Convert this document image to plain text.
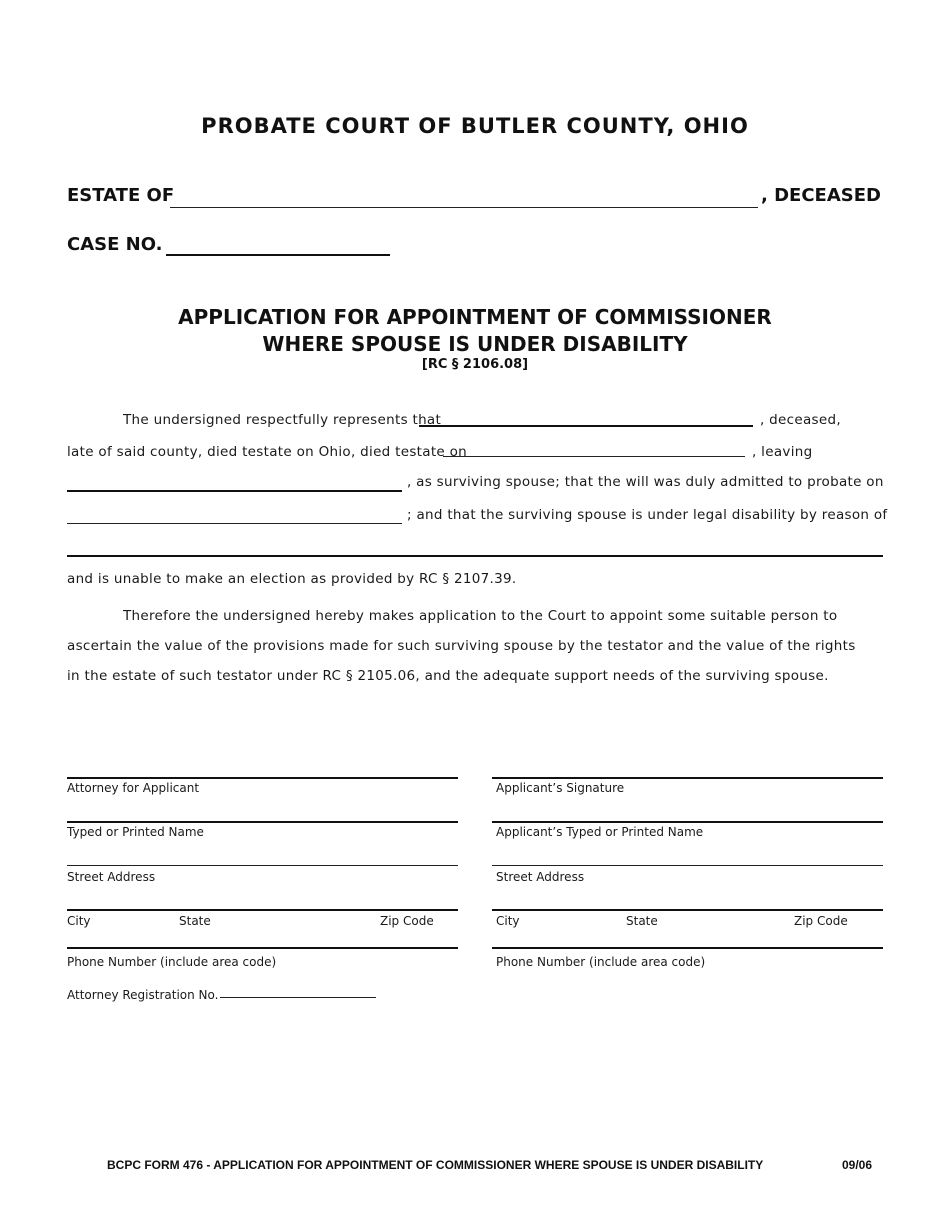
PROBATE COURT OF BUTLER COUNTY, OHIO
ESTATE OF	, DECEASED
CASE NO.
APPLICATION FOR APPOINTMENT OF COMMISSIONER
WHERE SPOUSE IS UNDER DISABILITY
[RC § 2106.08]
The undersigned respectfully represents that	, deceased,
late of said county, died testate on Ohio, died testate on	, leaving
, as surviving spouse; that the will was duly admitted to probate on
; and that the surviving spouse is under legal disability by reason of
and is unable to make an election as provided by RC § 2107.39.
Therefore the undersigned hereby makes application to the Court to appoint some suitable person to
ascertain the value of the provisions made for such surviving spouse by the testator and the value of the rights
in the estate of such testator under RC § 2105.06, and the adequate support needs of the surviving spouse.
Attorney for Applicant
Typed or Printed Name
Street Address
City	State	Zip Code
Phone Number (include area code)
Attorney Registration No.
Applicant’s Signature
Applicant’s Typed or Printed Name
Street Address
City	State	Zip Code
Phone Number (include area code)
BCPC FORM 476 - APPLICATION FOR APPOINTMENT OF COMMISSIONER WHERE SPOUSE IS UNDER DISABILITY	09/06
